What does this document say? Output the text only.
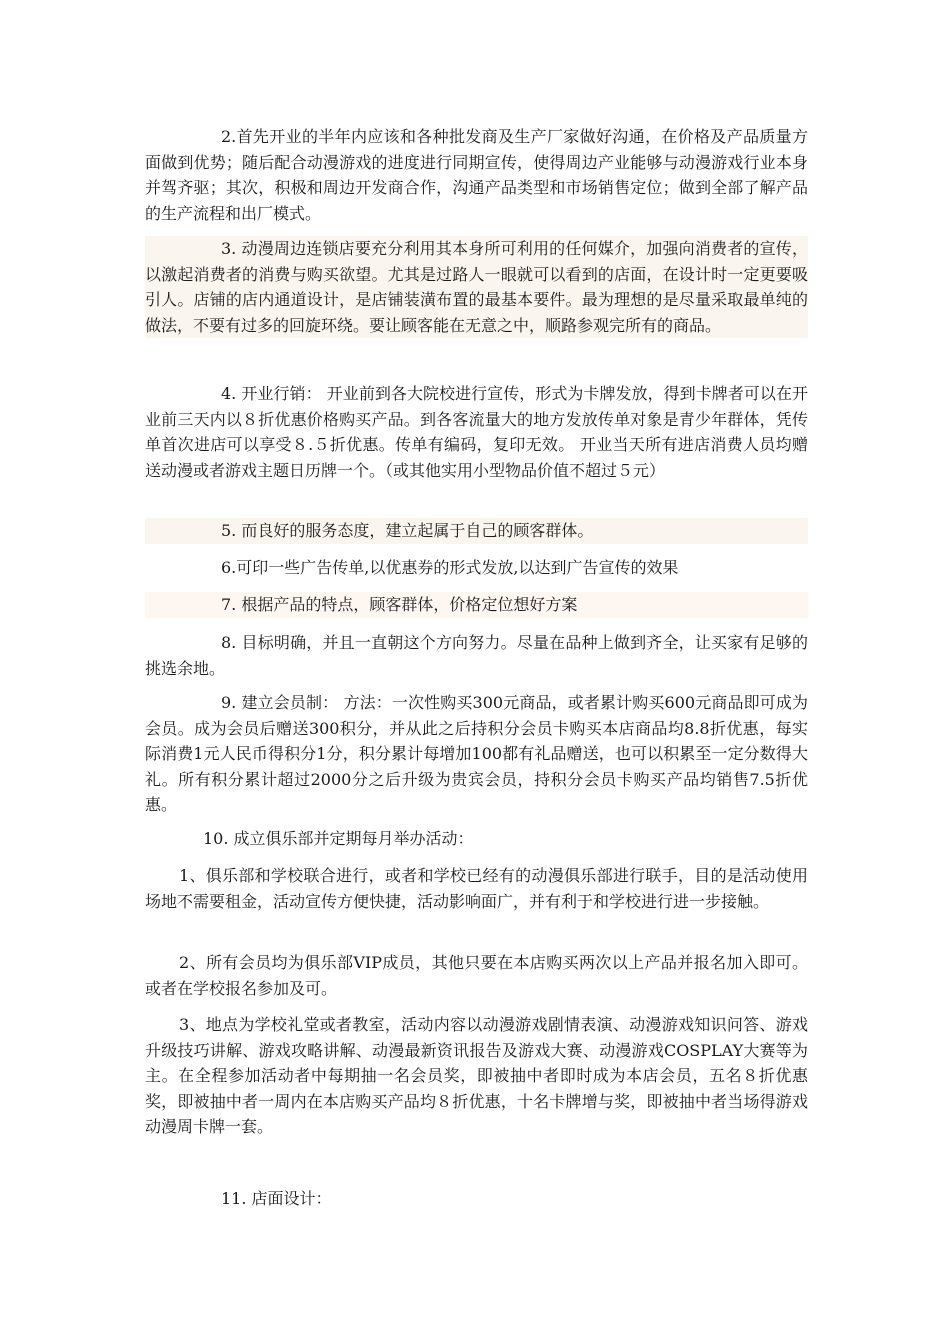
2.首先开业的半年内应该和各种批发商及生产厂家做好沟通，在价格及产品质量方面做到优势；随后配合动漫游戏的进度进行同期宣传，使得周边产业能够与动漫游戏行业本身并驾齐驱；其次，积极和周边开发商合作，沟通产品类型和市场销售定位；做到全部了解产品的生产流程和出厂模式。

3. 动漫周边连锁店要充分利用其本身所可利用的任何媒介，加强向消费者的宣传，以激起消费者的消费与购买欲望。尤其是过路人一眼就可以看到的店面，在设计时一定更要吸引人。店铺的店内通道设计，是店铺装潢布置的最基本要件。最为理想的是尽量采取最单纯的做法，不要有过多的回旋环绕。要让顾客能在无意之中，顺路参观完所有的商品。

4. 开业行销： 开业前到各大院校进行宣传，形式为卡牌发放，得到卡牌者可以在开业前三天内以８折优惠价格购买产品。到各客流量大的地方发放传单对象是青少年群体，凭传单首次进店可以享受８.５折优惠。传单有编码，复印无效。 开业当天所有进店消费人员均赠送动漫或者游戏主题日历牌一个。（或其他实用小型物品价值不超过５元）

5. 而良好的服务态度，建立起属于自己的顾客群体。

6.可印一些广告传单,以优惠券的形式发放,以达到广告宣传的效果

7. 根据产品的特点，顾客群体，价格定位想好方案

8. 目标明确，并且一直朝这个方向努力。尽量在品种上做到齐全，让买家有足够的挑选余地。

9. 建立会员制： 方法：一次性购买300元商品，或者累计购买600元商品即可成为会员。成为会员后赠送300积分，并从此之后持积分会员卡购买本店商品均8.8折优惠，每实际消费1元人民币得积分1分，积分累计每增加100都有礼品赠送，也可以积累至一定分数得大礼。所有积分累计超过2000分之后升级为贵宾会员，持积分会员卡购买产品均销售7.5折优惠。

10. 成立俱乐部并定期每月举办活动：

1、俱乐部和学校联合进行，或者和学校已经有的动漫俱乐部进行联手，目的是活动使用场地不需要租金，活动宣传方便快捷，活动影响面广，并有利于和学校进行进一步接触。

2、所有会员均为俱乐部VIP成员，其他只要在本店购买两次以上产品并报名加入即可。或者在学校报名参加及可。

3、地点为学校礼堂或者教室，活动内容以动漫游戏剧情表演、动漫游戏知识问答、游戏升级技巧讲解、游戏攻略讲解、动漫最新资讯报告及游戏大赛、动漫游戏COSPLAY大赛等为主。在全程参加活动者中每期抽一名会员奖，即被抽中者即时成为本店会员，五名８折优惠奖，即被抽中者一周内在本店购买产品均８折优惠，十名卡牌增与奖，即被抽中者当场得游戏动漫周卡牌一套。

11. 店面设计：
